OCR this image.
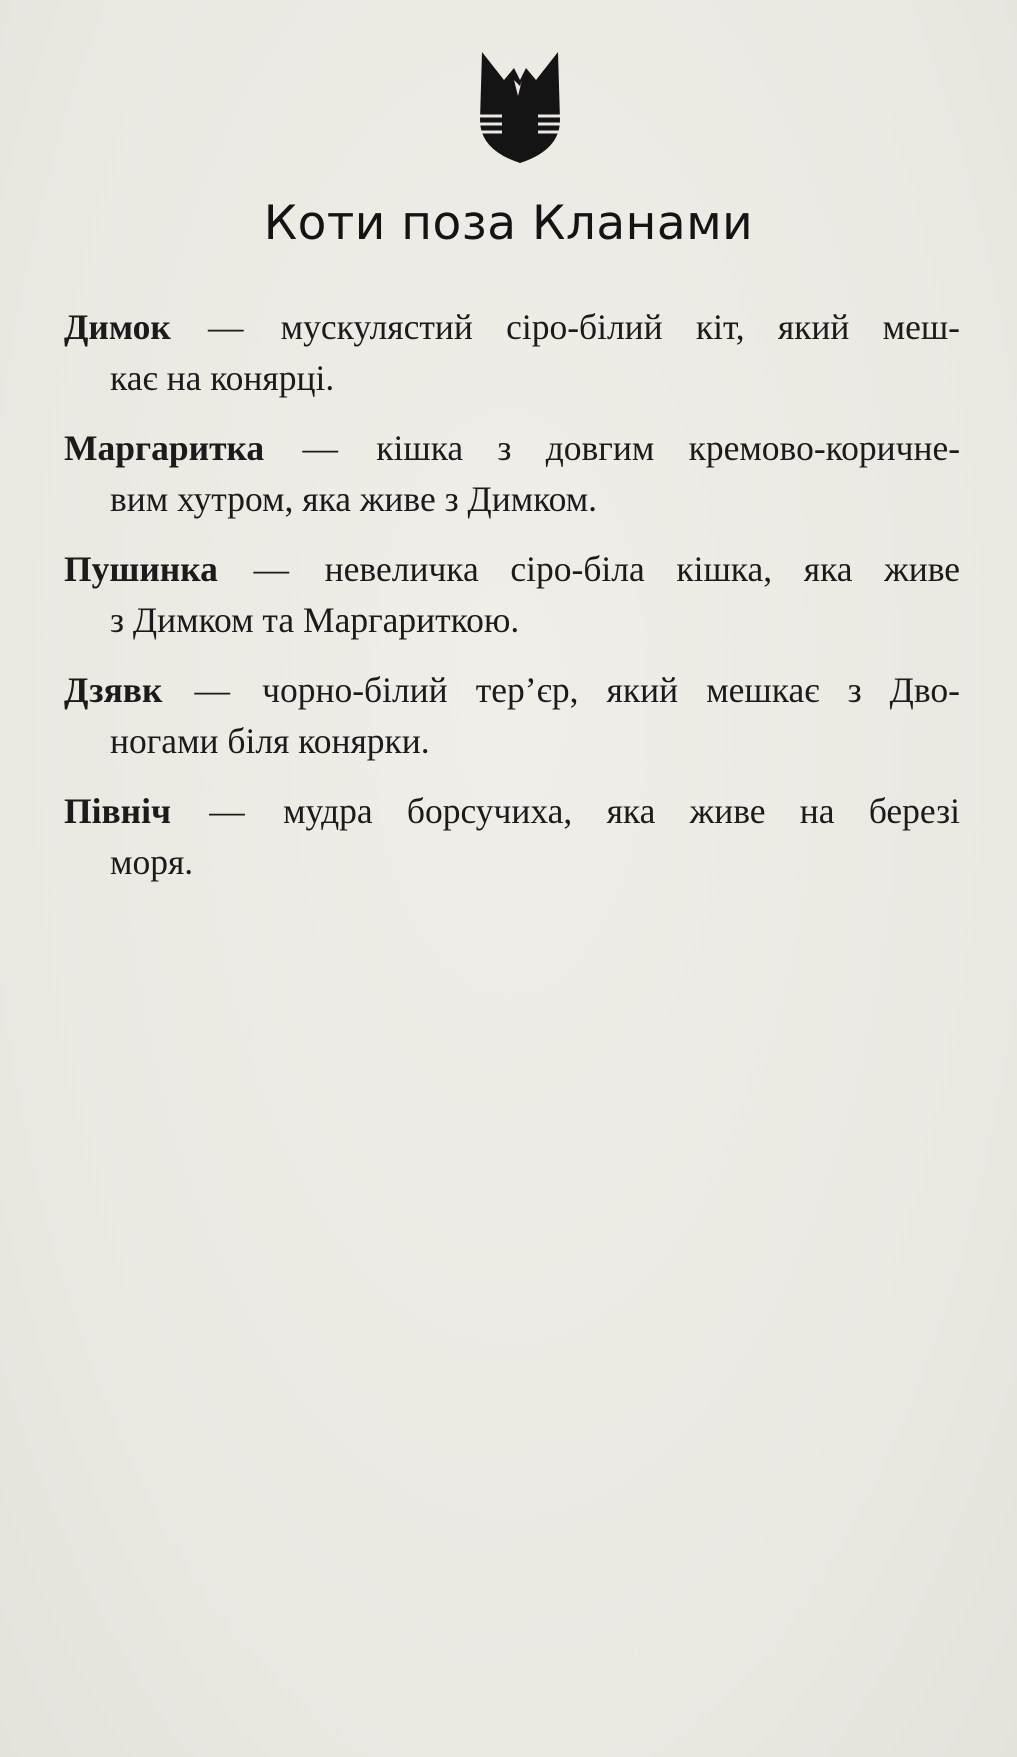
Коти поза Кланами

Димок — мускулястий сіро-білий кіт, який меш-
кає на конярці.

Маргаритка — кішка з довгим кремово-коричне-
вим хутром, яка живе з Димком.

Пушинка — невеличка сіро-біла кішка, яка живе
з Димком та Маргариткою.

Дзявк — чорно-білий тер’єр, який мешкає з Дво-
ногами біля конярки.

Північ — мудра борсучиха, яка живе на березі
моря.
